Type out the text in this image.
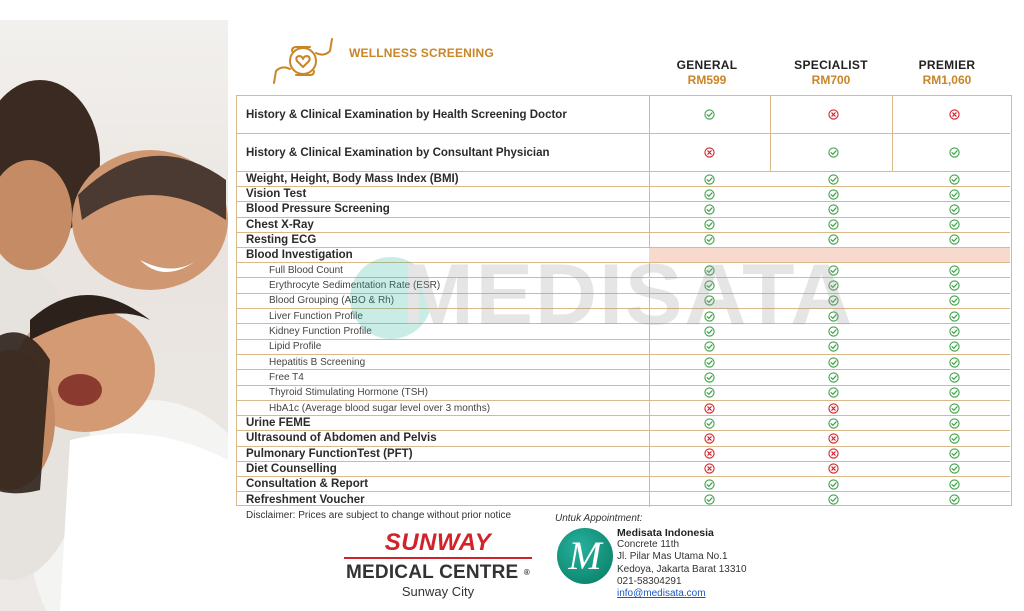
WELLNESS SCREENING
GENERAL
RM599
SPECIALIST
RM700
PREMIER
RM1,060
History & Clinical Examination by Health Screening Doctor
History & Clinical Examination by Consultant Physician
Weight, Height, Body Mass Index (BMI)
Vision Test
Blood Pressure Screening
Chest X-Ray
Resting ECG
Blood Investigation
Full Blood Count
Erythrocyte Sedimentation Rate (ESR)
Blood Grouping (ABO & Rh)
Liver Function Profile
Kidney Function Profile
Lipid Profile
Hepatitis B Screening
Free T4
Thyroid Stimulating Hormone (TSH)
HbA1c (Average blood sugar level over 3 months)
Urine FEME
Ultrasound of Abdomen and Pelvis
Pulmonary FunctionTest (PFT)
Diet Counselling
Consultation & Report
Refreshment Voucher
MEDISATA
Disclaimer: Prices are subject to change without prior notice
SUNWAY
MEDICAL CENTRE ®
Sunway City
Untuk Appointment:
M Medisata Indonesia
Concrete 11th
Jl. Pilar Mas Utama No.1
Kedoya, Jakarta Barat 13310
021-58304291
info@medisata.com
